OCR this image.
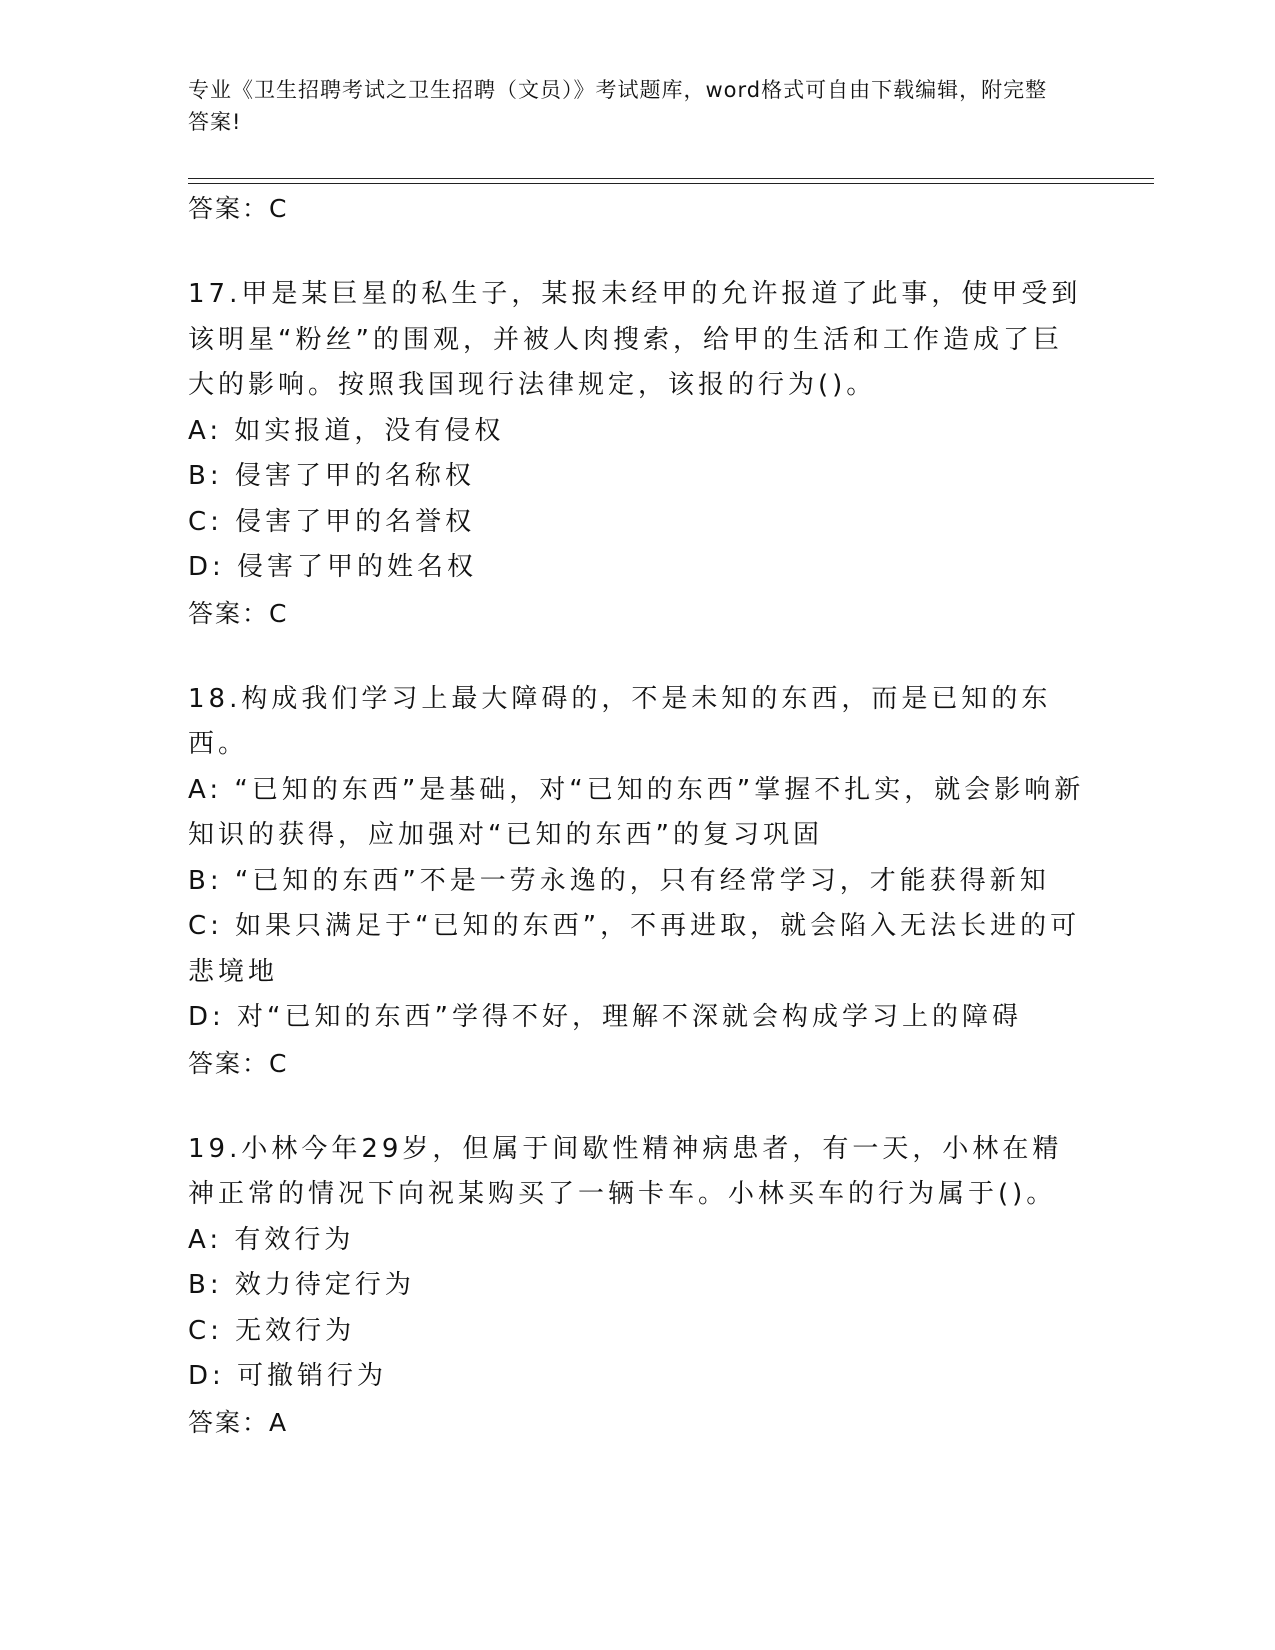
专业《卫生招聘考试之卫生招聘（文员）》考试题库，word格式可自由下载编辑，附完整答案!
答案：C
17.甲是某巨星的私生子，某报未经甲的允许报道了此事，使甲受到该明星“粉丝”的围观，并被人肉搜索，给甲的生活和工作造成了巨大的影响。按照我国现行法律规定，该报的行为()。
A: 如实报道，没有侵权
B: 侵害了甲的名称权
C: 侵害了甲的名誉权
D: 侵害了甲的姓名权
答案：C
18.构成我们学习上最大障碍的，不是未知的东西，而是已知的东西。
A: “已知的东西”是基础，对“已知的东西”掌握不扎实，就会影响新知识的获得，应加强对“已知的东西”的复习巩固
B: “已知的东西”不是一劳永逸的，只有经常学习，才能获得新知
C: 如果只满足于“已知的东西”，不再进取，就会陷入无法长进的可悲境地
D: 对“已知的东西”学得不好，理解不深就会构成学习上的障碍
答案：C
19.小林今年29岁，但属于间歇性精神病患者，有一天，小林在精神正常的情况下向祝某购买了一辆卡车。小林买车的行为属于()。
A: 有效行为
B: 效力待定行为
C: 无效行为
D: 可撤销行为
答案：A
